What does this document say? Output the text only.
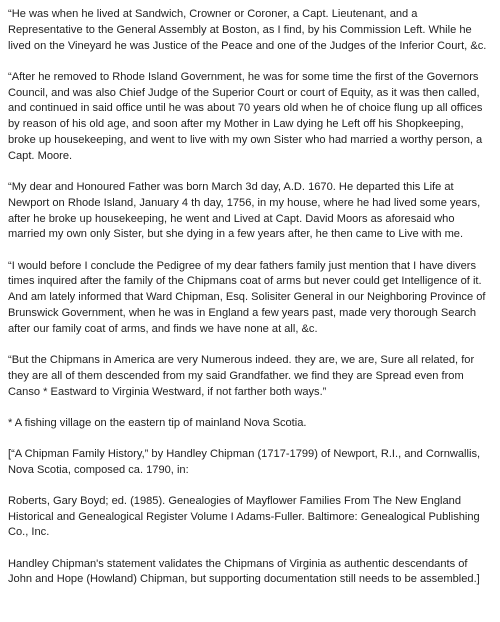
“He was when he lived at Sandwich, Crowner or Coroner, a Capt. Lieutenant, and a Representative to the General Assembly at Boston, as I find, by his Commission Left. While he lived on the Vineyard he was Justice of the Peace and one of the Judges of the Inferior Court, &c.

“After he removed to Rhode Island Government, he was for some time the first of the Governors Council, and was also Chief Judge of the Superior Court or court of Equity, as it was then called, and continued in said office until he was about 70 years old when he of choice flung up all offices by reason of his old age, and soon after my Mother in Law dying he Left off his Shopkeeping, broke up housekeeping, and went to live with my own Sister who had married a worthy person, a Capt. Moore.

“My dear and Honoured Father was born March 3d day, A.D. 1670. He departed this Life at Newport on Rhode Island, January 4 th day, 1756, in my house, where he had lived some years, after he broke up housekeeping, he went and Lived at Capt. David Moors as aforesaid who married my own only Sister, but she dying in a few years after, he then came to Live with me.

“I would before I conclude the Pedigree of my dear fathers family just mention that I have divers times inquired after the family of the Chipmans coat of arms but never could get Intelligence of it. And am lately informed that Ward Chipman, Esq. Solisiter General in our Neighboring Province of Brunswick Government, when he was in England a few years past, made very thorough Search after our family coat of arms, and finds we have none at all, &c.

“But the Chipmans in America are very Numerous indeed. they are, we are, Sure all related, for they are all of them descended from my said Grandfather. we find they are Spread even from Canso * Eastward to Virginia Westward, if not farther both ways.”

* A fishing village on the eastern tip of mainland Nova Scotia.

[“A Chipman Family History,” by Handley Chipman (1717-1799) of Newport, R.I., and Cornwallis, Nova Scotia, composed ca. 1790, in:

Roberts, Gary Boyd; ed. (1985). Genealogies of Mayflower Families From The New England Historical and Genealogical Register Volume I Adams-Fuller. Baltimore: Genealogical Publishing Co., Inc.

Handley Chipman's statement validates the Chipmans of Virginia as authentic descendants of John and Hope (Howland) Chipman, but supporting documentation still needs to be assembled.]
